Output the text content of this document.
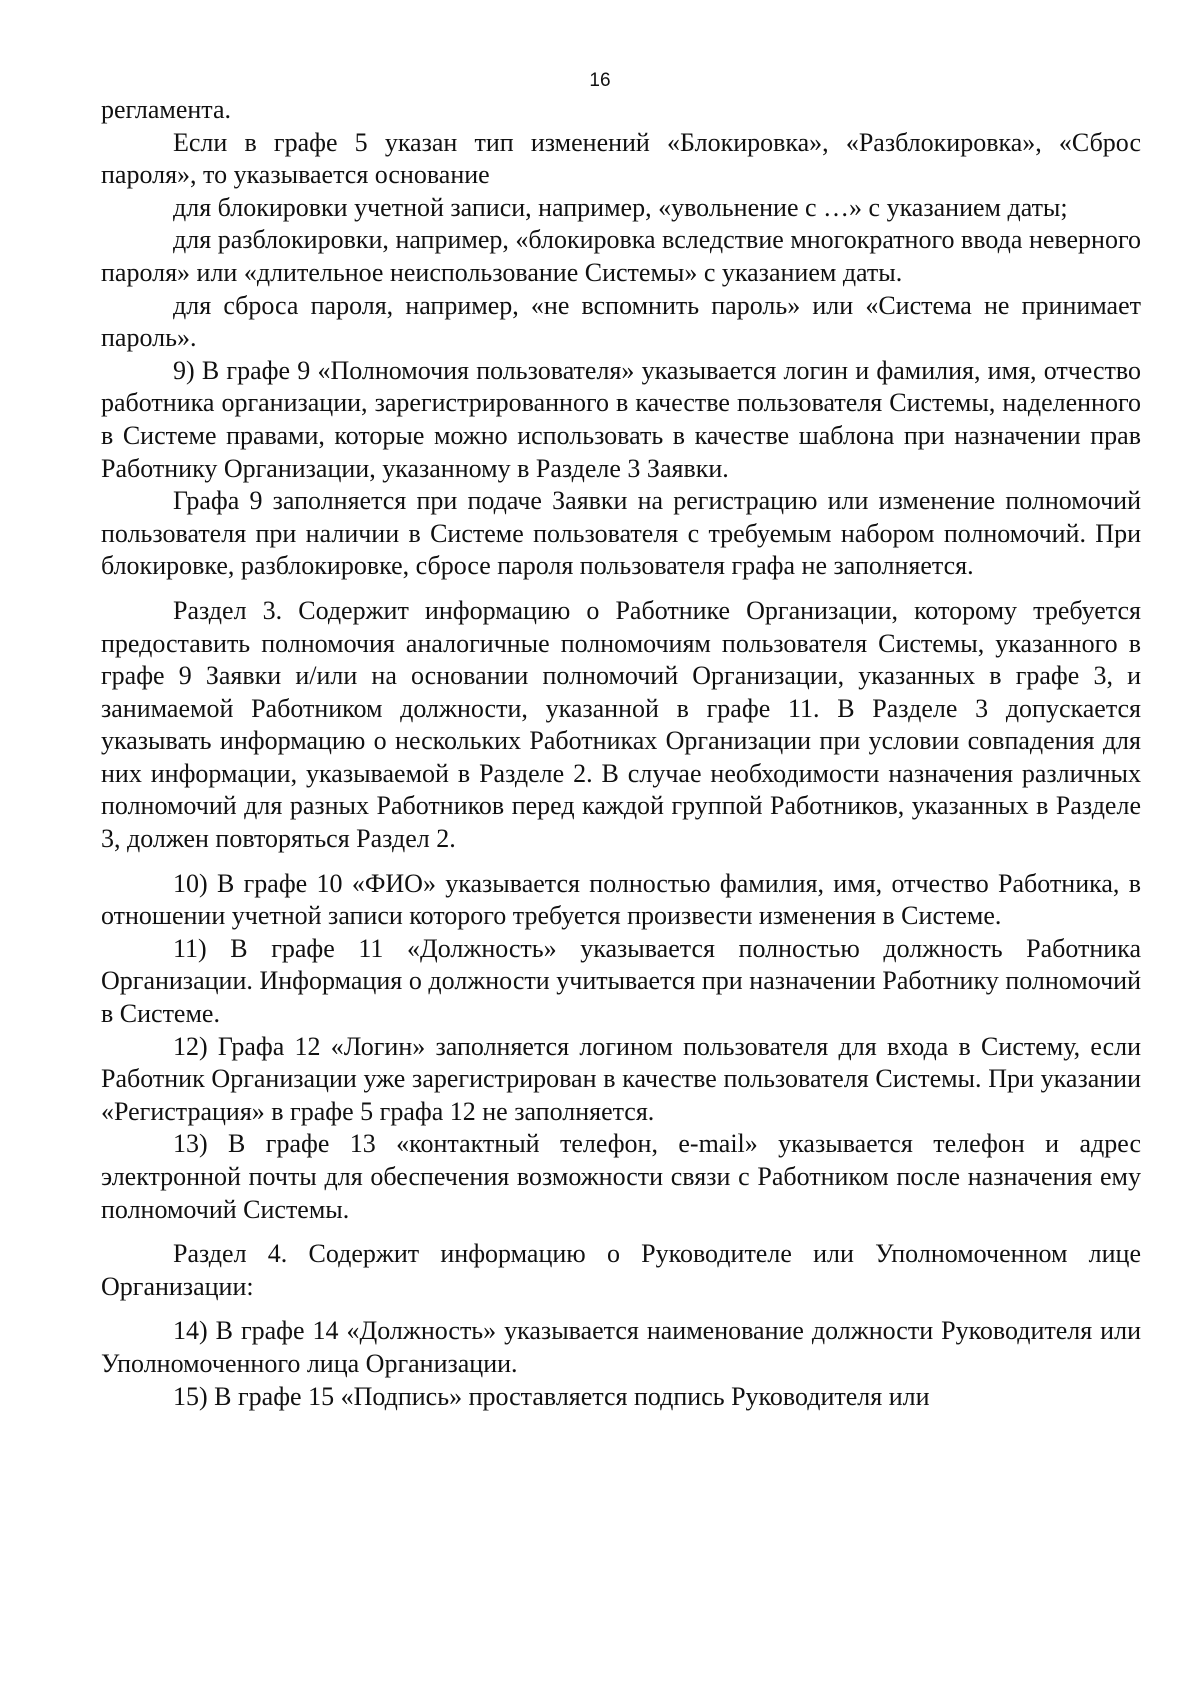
16

регламента.

Если в графе 5 указан тип изменений «Блокировка», «Разблокировка», «Сброс пароля», то указывается основание

для блокировки учетной записи, например, «увольнение с …» с указанием даты;

для разблокировки, например, «блокировка вследствие многократного ввода неверного пароля» или «длительное неиспользование Системы» с указанием даты.

для сброса пароля, например, «не вспомнить пароль» или «Система не принимает пароль».

9) В графе 9 «Полномочия пользователя» указывается логин и фамилия, имя, отчество работника организации, зарегистрированного в качестве пользователя Системы, наделенного в Системе правами, которые можно использовать в качестве шаблона при назначении прав Работнику Организации, указанному в Разделе 3 Заявки.

Графа 9 заполняется при подаче Заявки на регистрацию или изменение полномочий пользователя при наличии в Системе пользователя с требуемым набором полномочий. При блокировке, разблокировке, сбросе пароля пользователя графа не заполняется.

Раздел 3. Содержит информацию о Работнике Организации, которому требуется предоставить полномочия аналогичные полномочиям пользователя Системы, указанного в графе 9 Заявки и/или на основании полномочий Организации, указанных в графе 3, и занимаемой Работником должности, указанной в графе 11. В Разделе 3 допускается указывать информацию о нескольких Работниках Организации при условии совпадения для них информации, указываемой в Разделе 2. В случае необходимости назначения различных полномочий для разных Работников перед каждой группой Работников, указанных в Разделе 3, должен повторяться Раздел 2.

10) В графе 10 «ФИО» указывается полностью фамилия, имя, отчество Работника, в отношении учетной записи которого требуется произвести изменения в Системе.

11) В графе 11 «Должность» указывается полностью должность Работника Организации. Информация о должности учитывается при назначении Работнику полномочий в Системе.

12) Графа 12 «Логин» заполняется логином пользователя для входа в Систему, если Работник Организации уже зарегистрирован в качестве пользователя Системы. При указании «Регистрация» в графе 5 графа 12 не заполняется.

13) В графе 13 «контактный телефон, e-mail» указывается телефон и адрес электронной почты для обеспечения возможности связи с Работником после назначения ему полномочий Системы.

Раздел 4. Содержит информацию о Руководителе или Уполномоченном лице Организации:

14) В графе 14 «Должность» указывается наименование должности Руководителя или Уполномоченного лица Организации.

15) В графе 15 «Подпись» проставляется подпись Руководителя или
